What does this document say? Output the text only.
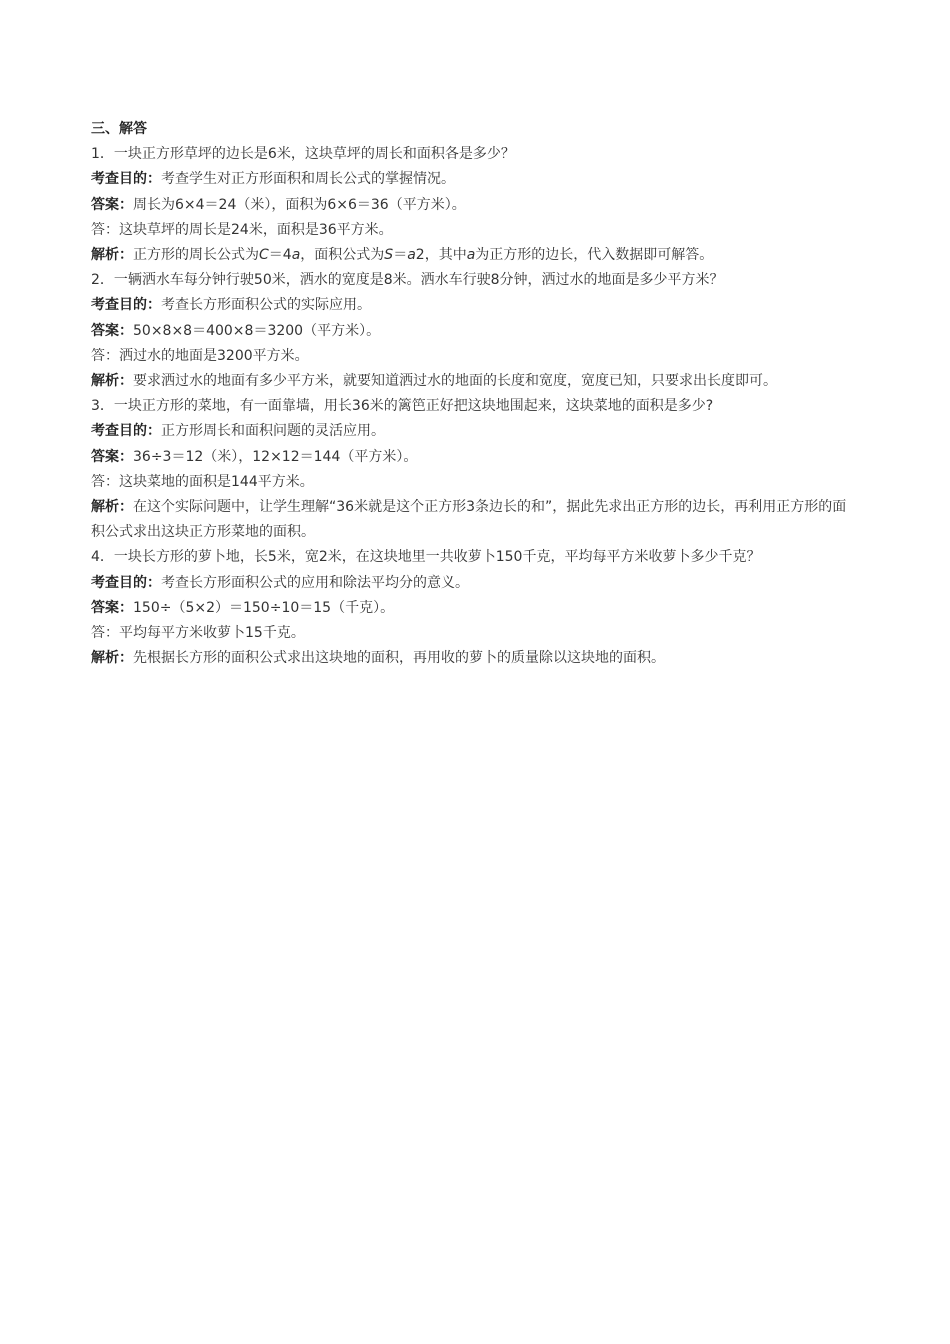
三、解答
1．一块正方形草坪的边长是6米，这块草坪的周长和面积各是多少？
考查目的：考查学生对正方形面积和周长公式的掌握情况。
答案：周长为6×4＝24（米），面积为6×6＝36（平方米）。
答：这块草坪的周长是24米，面积是36平方米。
解析：正方形的周长公式为C＝4a，面积公式为S＝a2，其中a为正方形的边长，代入数据即可解答。
2．一辆洒水车每分钟行驶50米，洒水的宽度是8米。洒水车行驶8分钟，洒过水的地面是多少平方米？
考查目的：考查长方形面积公式的实际应用。
答案：50×8×8＝400×8＝3200（平方米）。
答：洒过水的地面是3200平方米。
解析：要求洒过水的地面有多少平方米，就要知道洒过水的地面的长度和宽度，宽度已知，只要求出长度即可。
3．一块正方形的菜地，有一面靠墙，用长36米的篱笆正好把这块地围起来，这块菜地的面积是多少?
考查目的：正方形周长和面积问题的灵活应用。
答案：36÷3＝12（米），12×12＝144（平方米）。
答：这块菜地的面积是144平方米。
解析：在这个实际问题中，让学生理解“36米就是这个正方形3条边长的和”，据此先求出正方形的边长，再利用正方形的面积公式求出这块正方形菜地的面积。
4．一块长方形的萝卜地，长5米，宽2米，在这块地里一共收萝卜150千克，平均每平方米收萝卜多少千克？
考查目的：考查长方形面积公式的应用和除法平均分的意义。
答案：150÷（5×2）＝150÷10＝15（千克）。
答：平均每平方米收萝卜15千克。
解析：先根据长方形的面积公式求出这块地的面积，再用收的萝卜的质量除以这块地的面积。
